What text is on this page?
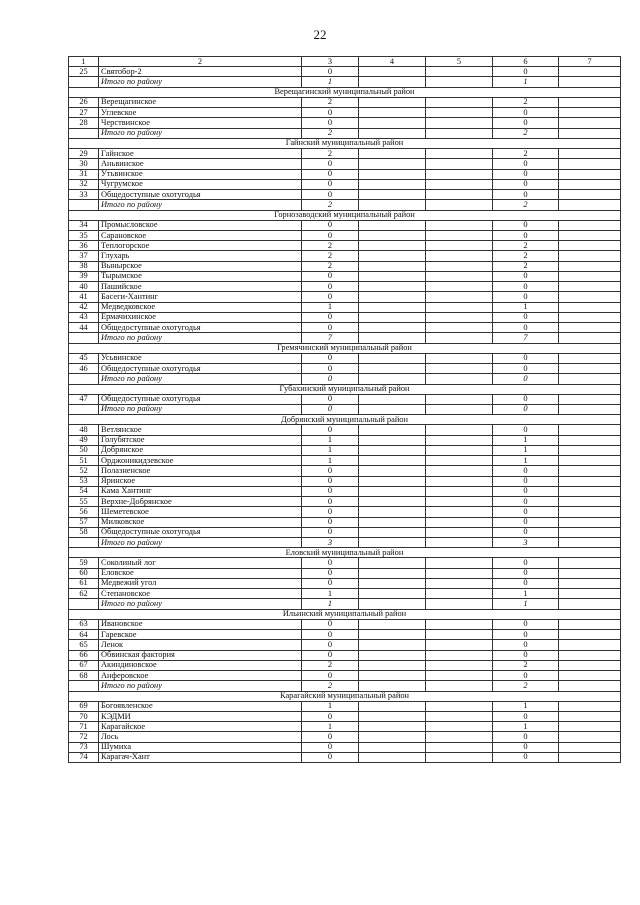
22
1	2	3	4	5	6	7
25	Святобор-2	0			0	
	Итого по району	1			1	
Верещагинский муниципальный район						
26	Верещагинское	2			2	
27	Углевское	0			0	
28	Черствинское	0			0	
	Итого по району	2			2	
Гайнский муниципальный район						
29	Гайнское	2			2	
30	Аньвинское	0			0	
31	Утьвинское	0			0	
32	Чугрумское	0			0	
33	Общедоступные охотугодья	0			0	
	Итого по району	2			2	
Горнозаводский муниципальный район						
34	Промысловское	0			0	
35	Сарановское	0			0	
36	Теплогорское	2			2	
37	Глухарь	2			2	
38	Вынырское	2			2	
39	Тырымское	0			0	
40	Пашийское	0			0	
41	Басеги-Хантинг	0			0	
42	Медведковское	1			1	
43	Ермачихинское	0			0	
44	Общедоступные охотугодья	0			0	
	Итого по району	7			7	
Гремячинский муниципальный район						
45	Усьвинское	0			0	
46	Общедоступные охотугодья	0			0	
	Итого по району	0			0	
Губахинский муниципальный район						
47	Общедоступные охотугодья	0			0	
	Итого по району	0			0	
Добрянский муниципальный район						
48	Ветлянское	0			0	
49	Голубятское	1			1	
50	Добрянское	1			1	
51	Орджоникидзевское	1			1	
52	Полазненское	0			0	
53	Яринское	0			0	
54	Кама Хантинг	0			0	
55	Верхне-Добрянское	0			0	
56	Шеметевское	0			0	
57	Милковское	0			0	
58	Общедоступные охотугодья	0			0	
	Итого по району	3			3	
Еловский муниципальный район						
59	Соколиный лог	0			0	
60	Еловское	0			0	
61	Медвежий угол	0			0	
62	Степановское	1			1	
	Итого по району	1			1	
Ильинский муниципальный район						
63	Ивановское	0			0	
64	Гаревское	0			0	
65	Ленок	0			0	
66	Обвинская фактория	0			0	
67	Акиндиновское	2			2	
68	Анферовское	0			0	
	Итого по району	2			2	
Карагайский муниципальный район						
69	Богоявленское	1			1	
70	КЭДМИ	0			0	
71	Карагайское	1			1	
72	Лось	0			0	
73	Шумиха	0			0	
74	Карагач-Хант	0			0	
